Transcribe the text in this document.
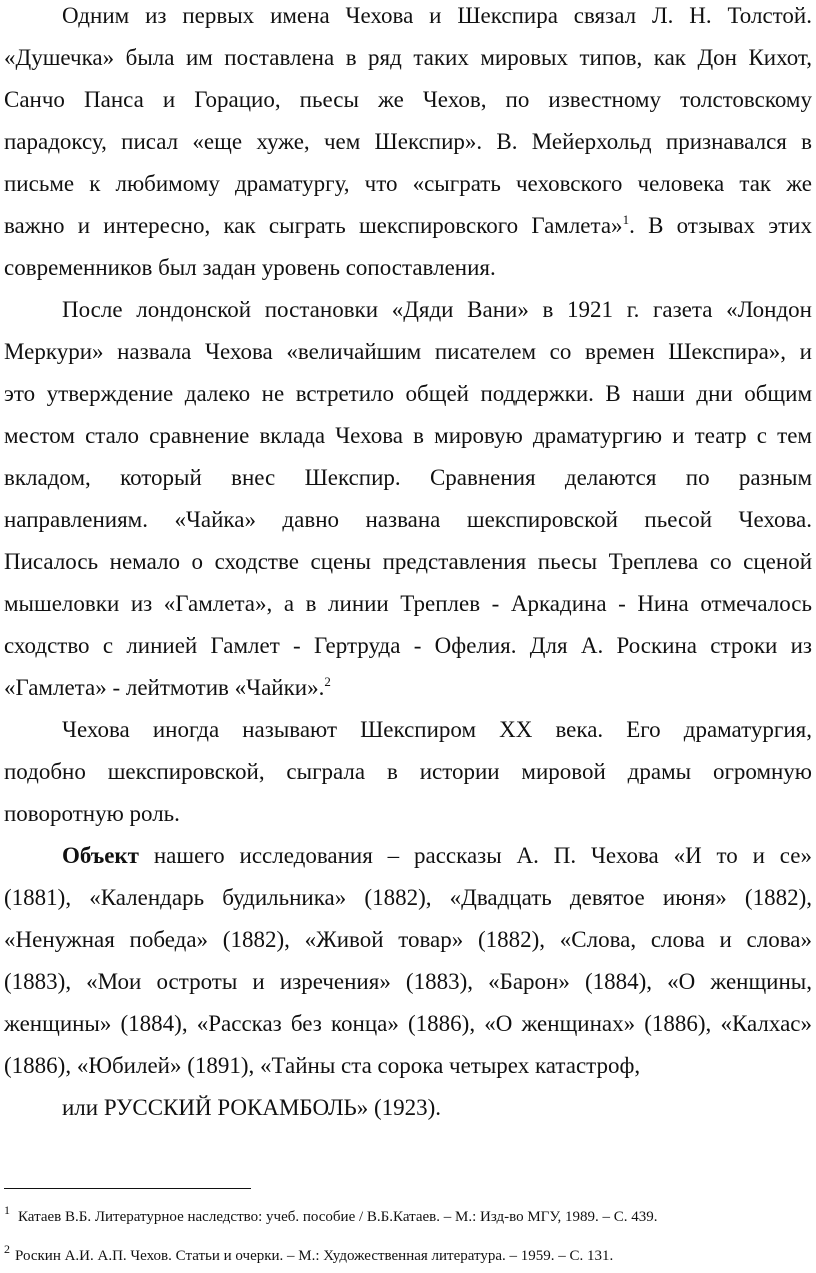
Одним из первых имена Чехова и Шекспира связал Л. Н. Толстой.
«Душечка» была им поставлена в ряд таких мировых типов, как Дон Кихот,
Санчо Панса и Горацио, пьесы же Чехов, по известному толстовскому
парадоксу, писал «еще хуже, чем Шекспир». В. Мейерхольд признавался в
письме к любимому драматургу, что «сыграть чеховского человека так же
важно и интересно, как сыграть шекспировского Гамлета»$^1$. В отзывах этих
современников был задан уровень сопоставления.
После лондонской постановки «Дяди Вани» в 1921 г. газета «Лондон
Меркури» назвала Чехова «величайшим писателем со времен Шекспира», и
это утверждение далеко не встретило общей поддержки. В наши дни общим
местом стало сравнение вклада Чехова в мировую драматургию и театр с тем
вкладом, который внес Шекспир. Сравнения делаются по разным
направлениям. «Чайка» давно названа шекспировской пьесой Чехова.
Писалось немало о сходстве сцены представления пьесы Треплева со сценой
мышеловки из «Гамлета», а в линии Треплев - Аркадина - Нина отмечалось
сходство с линией Гамлет - Гертруда - Офелия. Для А. Роскина строки из
«Гамлета» - лейтмотив «Чайки».$^2$
Чехова иногда называют Шекспиром XX века. Его драматургия,
подобно шекспировской, сыграла в истории мировой драмы огромную
поворотную роль.
Объект нашего исследования – рассказы А. П. Чехова «И то и се»
(1881), «Календарь будильника» (1882), «Двадцать девятое июня» (1882),
«Ненужная победа» (1882), «Живой товар» (1882), «Слова, слова и слова»
(1883), «Мои остроты и изречения» (1883), «Барон» (1884), «О женщины,
женщины» (1884), «Рассказ без конца» (1886), «О женщинах» (1886), «Калхас»
(1886), «Юбилей» (1891), «Тайны ста сорока четырех катастроф,
или РУССКИЙ РОКАМБОЛЬ» (1923).
$^1$ Катаев В.Б. Литературное наследство: учеб. пособие / В.Б.Катаев. – М.: Изд-во МГУ, 1989. – С. 439.
$^2$ Роскин А.И. А.П. Чехов. Статьи и очерки. – М.: Художественная литература. – 1959. – С. 131.
